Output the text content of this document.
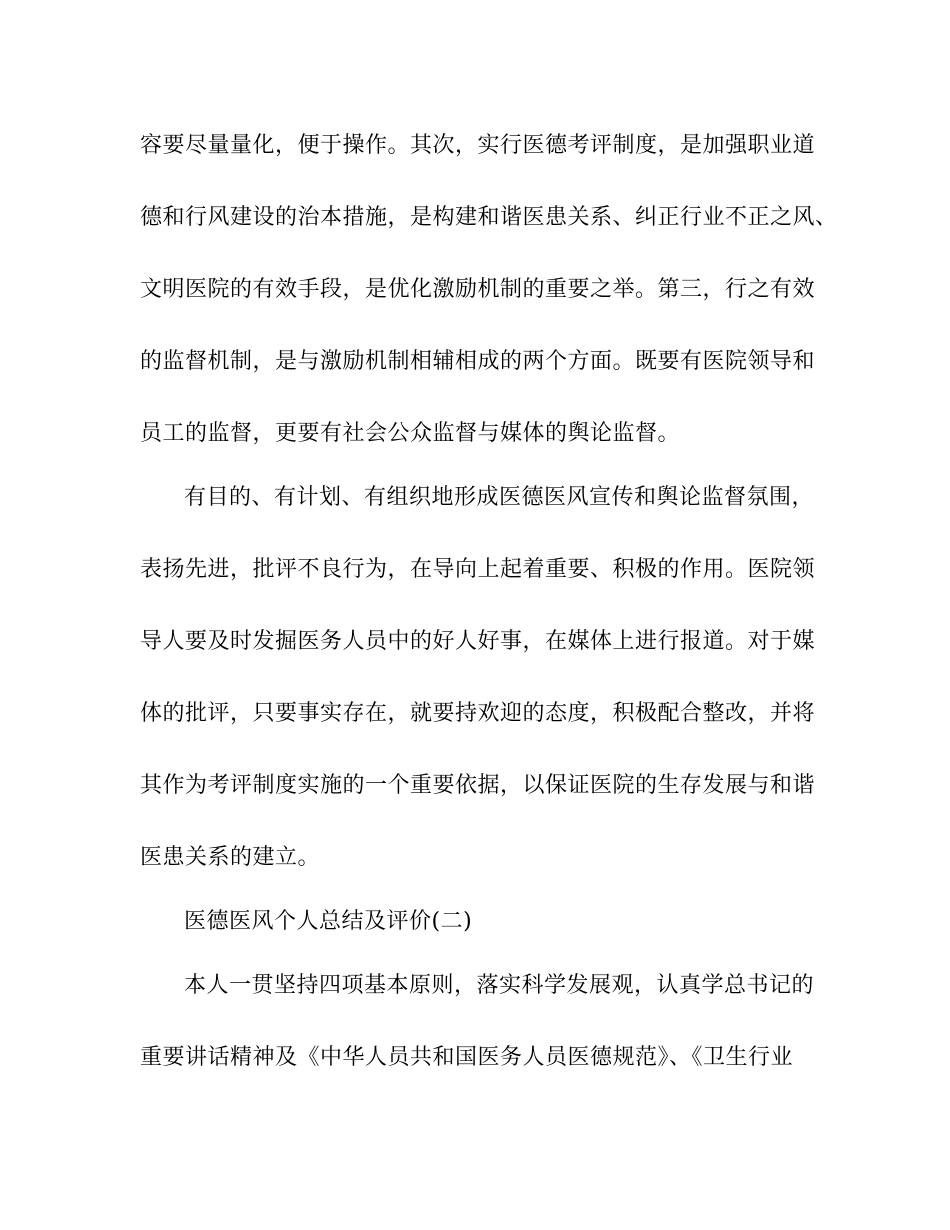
容要尽量量化，便于操作。其次，实行医德考评制度，是加强职业道
德和行风建设的治本措施，是构建和谐医患关系、纠正行业不正之风、
文明医院的有效手段，是优化激励机制的重要之举。第三，行之有效
的监督机制，是与激励机制相辅相成的两个方面。既要有医院领导和
员工的监督，更要有社会公众监督与媒体的舆论监督。
有目的、有计划、有组织地形成医德医风宣传和舆论监督氛围，
表扬先进，批评不良行为，在导向上起着重要、积极的作用。医院领
导人要及时发掘医务人员中的好人好事，在媒体上进行报道。对于媒
体的批评，只要事实存在，就要持欢迎的态度，积极配合整改，并将
其作为考评制度实施的一个重要依据，以保证医院的生存发展与和谐
医患关系的建立。
医德医风个人总结及评价(二)
本人一贯坚持四项基本原则，落实科学发展观，认真学总书记的
重要讲话精神及《中华人员共和国医务人员医德规范》、《卫生行业
